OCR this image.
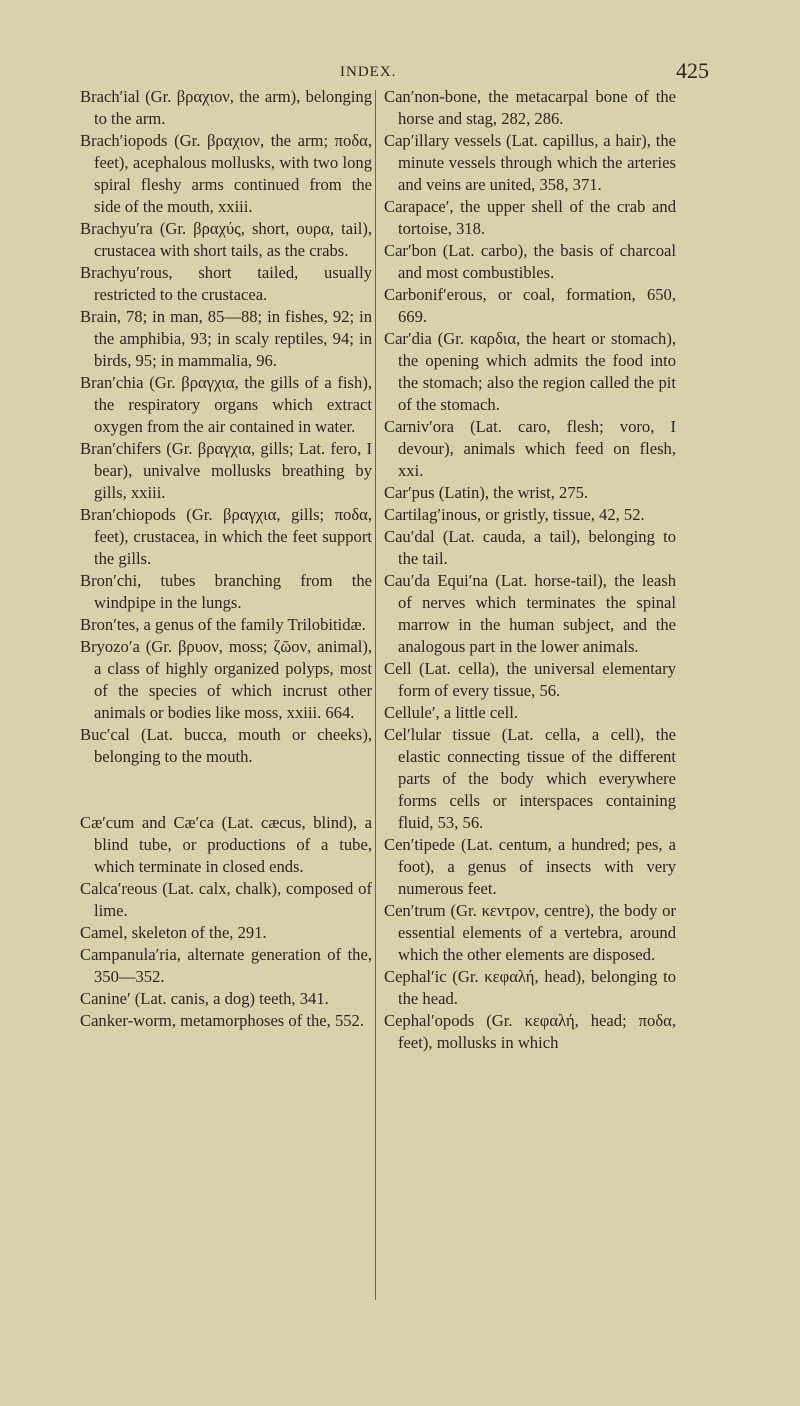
INDEX.	425
Brach′ial (Gr. βραχιον, the arm), belonging to the arm.
Brach′iopods (Gr. βραχιον, the arm; ποδα, feet), acephalous mollusks, with two long spiral fleshy arms continued from the side of the mouth, xxiii.
Brachyu′ra (Gr. βραχύς, short, ουρα, tail), crustacea with short tails, as the crabs.
Brachyu′rous, short tailed, usually restricted to the crustacea.
Brain, 78; in man, 85—88; in fishes, 92; in the amphibia, 93; in scaly reptiles, 94; in birds, 95; in mammalia, 96.
Bran′chia (Gr. βραγχια, the gills of a fish), the respiratory organs which extract oxygen from the air contained in water.
Bran′chifers (Gr. βραγχια, gills; Lat. fero, I bear), univalve mollusks breathing by gills, xxiii.
Bran′chiopods (Gr. βραγχια, gills; ποδα, feet), crustacea, in which the feet support the gills.
Bron′chi, tubes branching from the windpipe in the lungs.
Bron′tes, a genus of the family Trilobitidæ.
Bryozo′a (Gr. βρυον, moss; ζῶον, animal), a class of highly organized polyps, most of the species of which incrust other animals or bodies like moss, xxiii. 664.
Buc′cal (Lat. bucca, mouth or cheeks), belonging to the mouth.
Cæ′cum and Cæ′ca (Lat. cæcus, blind), a blind tube, or productions of a tube, which terminate in closed ends.
Calca′reous (Lat. calx, chalk), composed of lime.
Camel, skeleton of the, 291.
Campanula′ria, alternate generation of the, 350—352.
Canine′ (Lat. canis, a dog) teeth, 341.
Canker-worm, metamorphoses of the, 552.
Can′non-bone, the metacarpal bone of the horse and stag, 282, 286.
Cap′illary vessels (Lat. capillus, a hair), the minute vessels through which the arteries and veins are united, 358, 371.
Carapace′, the upper shell of the crab and tortoise, 318.
Car′bon (Lat. carbo), the basis of charcoal and most combustibles.
Carbonif′erous, or coal, formation, 650, 669.
Car′dia (Gr. καρδια, the heart or stomach), the opening which admits the food into the stomach; also the region called the pit of the stomach.
Carniv′ora (Lat. caro, flesh; voro, I devour), animals which feed on flesh, xxi.
Car′pus (Latin), the wrist, 275.
Cartilag′inous, or gristly, tissue, 42, 52.
Cau′dal (Lat. cauda, a tail), belonging to the tail.
Cau′da Equi′na (Lat. horse-tail), the leash of nerves which terminates the spinal marrow in the human subject, and the analogous part in the lower animals.
Cell (Lat. cella), the universal elementary form of every tissue, 56.
Cellule′, a little cell.
Cel′lular tissue (Lat. cella, a cell), the elastic connecting tissue of the different parts of the body which everywhere forms cells or interspaces containing fluid, 53, 56.
Cen′tipede (Lat. centum, a hundred; pes, a foot), a genus of insects with very numerous feet.
Cen′trum (Gr. κεντρον, centre), the body or essential elements of a vertebra, around which the other elements are disposed.
Cephal′ic (Gr. κεφαλή, head), belonging to the head.
Cephal′opods (Gr. κεφαλή, head; ποδα, feet), mollusks in which
